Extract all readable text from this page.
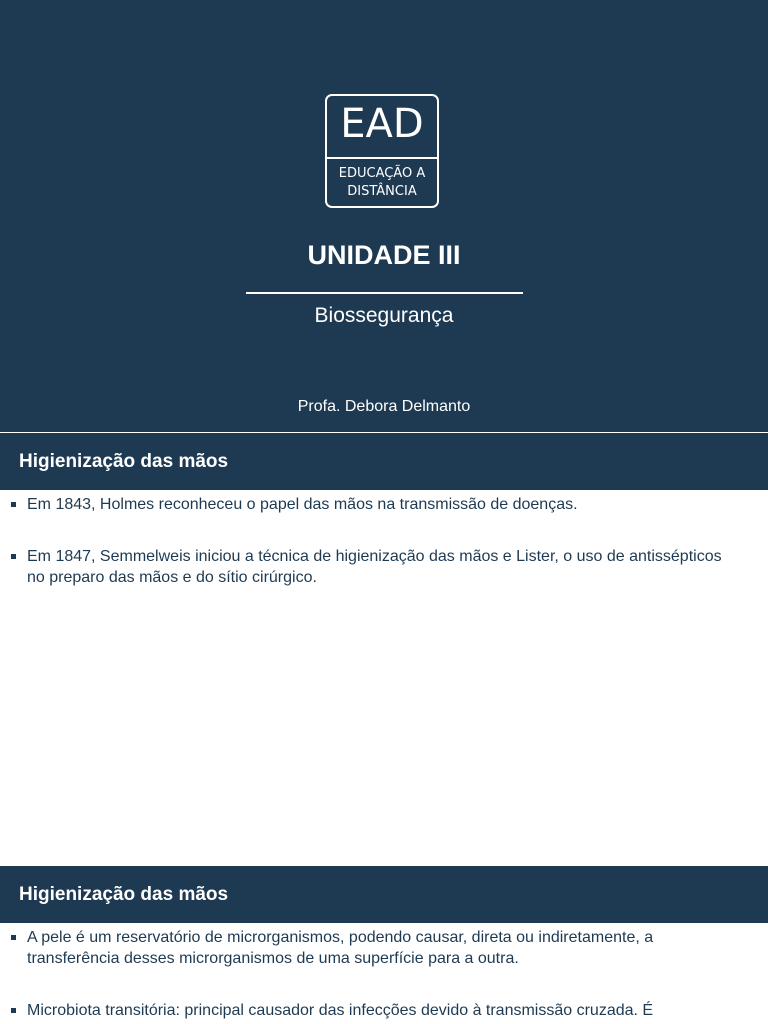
EAD
EDUCAÇÃO A
DISTÂNCIA
UNIDADE III
Biossegurança
Profa. Debora Delmanto
Higienização das mãos
Em 1843, Holmes reconheceu o papel das mãos na transmissão de doenças.
Em 1847, Semmelweis iniciou a técnica de higienização das mãos e Lister, o uso de antissépticos no preparo das mãos e do sítio cirúrgico.
Higienização das mãos
A pele é um reservatório de microrganismos, podendo causar, direta ou indiretamente, a transferência desses microrganismos de uma superfície para a outra.
Microbiota transitória: principal causador das infecções devido à transmissão cruzada. É
